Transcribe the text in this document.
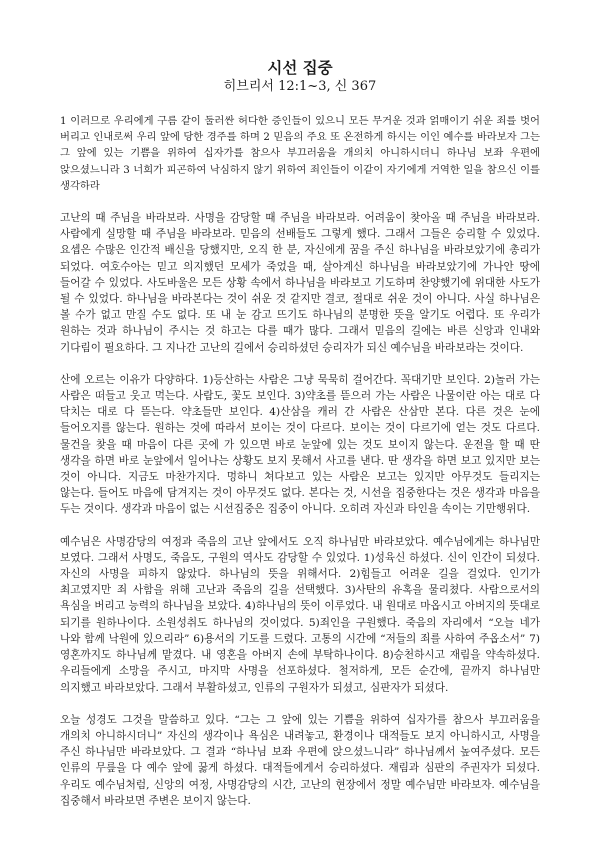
시선 집중
히브리서 12:1~3, 신 367

1 이러므로 우리에게 구름 같이 둘러싼 허다한 증인들이 있으니 모든 무거운 것과 얽매이기 쉬운 죄를 벗어 버리고 인내로써 우리 앞에 당한 경주를 하며 2 믿음의 주요 또 온전하게 하시는 이인 예수를 바라보자 그는 그 앞에 있는 기쁨을 위하여 십자가를 참으사 부끄러움을 개의치 아니하시더니 하나님 보좌 우편에 앉으셨느니라 3 너희가 피곤하여 낙심하지 않기 위하여 죄인들이 이같이 자기에게 거역한 일을 참으신 이를 생각하라

고난의 때 주님을 바라보라. 사명을 감당할 때 주님을 바라보라. 어려움이 찾아올 때 주님을 바라보라. 사람에게 실망할 때 주님을 바라보라. 믿음의 선배들도 그렇게 했다. 그래서 그들은 승리할 수 있었다. 요셉은 수많은 인간적 배신을 당했지만, 오직 한 분, 자신에게 꿈을 주신 하나님을 바라보았기에 총리가 되었다. 여호수아는 믿고 의지했던 모세가 죽었을 때, 살아계신 하나님을 바라보았기에 가나안 땅에 들어갈 수 있었다. 사도바울은 모든 상황 속에서 하나님을 바라보고 기도하며 찬양했기에 위대한 사도가 될 수 있었다. 하나님을 바라본다는 것이 쉬운 것 같지만 결코, 절대로 쉬운 것이 아니다. 사실 하나님은 볼 수가 없고 만질 수도 없다. 또 내 눈 감고 뜨기도 하나님의 분명한 뜻을 알기도 어렵다. 또 우리가 원하는 것과 하나님이 주시는 것 하고는 다를 때가 많다. 그래서 믿음의 길에는 바른 신앙과 인내와 기다림이 필요하다. 그 지나간 고난의 길에서 승리하셨던 승리자가 되신 예수님을 바라보라는 것이다.

산에 오르는 이유가 다양하다. 1)등산하는 사람은 그냥 묵묵히 걸어간다. 꼭대기만 보인다. 2)놀러 가는 사람은 떠들고 웃고 먹는다. 사람도, 꽃도 보인다. 3)약초를 뜯으러 가는 사람은 나물이란 아는 대로 다 닥치는 대로 다 뜯는다. 약초들만 보인다. 4)산삼을 캐러 간 사람은 산삼만 본다. 다른 것은 눈에 들어오지를 않는다. 원하는 것에 따라서 보이는 것이 다르다. 보이는 것이 다르기에 얻는 것도 다르다. 물건을 찾을 때 마음이 다른 곳에 가 있으면 바로 눈앞에 있는 것도 보이지 않는다. 운전을 할 때 딴 생각을 하면 바로 눈앞에서 일어나는 상황도 보지 못해서 사고를 낸다. 딴 생각을 하면 보고 있지만 보는 것이 아니다. 지금도 마찬가지다. 멍하니 쳐다보고 있는 사람은 보고는 있지만 아무것도 들리지는 않는다. 들어도 마음에 담겨지는 것이 아무것도 없다. 본다는 것, 시선을 집중한다는 것은 생각과 마음을 두는 것이다. 생각과 마음이 없는 시선집중은 집중이 아니다. 오히려 자신과 타인을 속이는 기만행위다.

예수님은 사명감당의 여정과 죽음의 고난 앞에서도 오직 하나님만 바라보았다. 예수님에게는 하나님만 보였다. 그래서 사명도, 죽음도, 구원의 역사도 감당할 수 있었다. 1)성육신 하셨다. 신이 인간이 되셨다. 자신의 사명을 피하지 않았다. 하나님의 뜻을 위해서다. 2)힘들고 어려운 길을 걸었다. 인기가 최고였지만 죄 사함을 위해 고난과 죽음의 길을 선택했다. 3)사탄의 유혹을 물리쳤다. 사람으로서의 욕심을 버리고 능력의 하나님을 보았다. 4)하나님의 뜻이 이루었다. 내 원대로 마옵시고 아버지의 뜻대로 되기를 원하나이다. 소원성취도 하나님의 것이었다. 5)죄인을 구원했다. 죽음의 자리에서 “오늘 네가 나와 함께 낙원에 있으리라” 6)용서의 기도를 드렸다. 고통의 시간에 “저들의 죄를 사하여 주옵소서” 7)영혼까지도 하나님께 맡겼다. 내 영혼을 아버지 손에 부탁하나이다. 8)승천하시고 재림을 약속하셨다. 우리들에게 소망을 주시고, 마지막 사명을 선포하셨다. 철저하게, 모든 순간에, 끝까지 하나님만 의지했고 바라보았다. 그래서 부활하셨고, 인류의 구원자가 되셨고, 심판자가 되셨다.

오늘 성경도 그것을 말씀하고 있다. “그는 그 앞에 있는 기쁨을 위하여 십자가를 참으사 부끄러움을 개의치 아니하시더니” 자신의 생각이나 욕심은 내려놓고, 환경이나 대적들도 보지 아니하시고, 사명을 주신 하나님만 바라보았다. 그 결과 “하나님 보좌 우편에 앉으셨느니라” 하나님께서 높여주셨다. 모든 인류의 무릎을 다 예수 앞에 꿇게 하셨다. 대적들에게서 승리하셨다. 재림과 심판의 주권자가 되셨다. 우리도 예수님처럼, 신앙의 여정, 사명감당의 시간, 고난의 현장에서 정말 예수님만 바라보자. 예수님을 집중해서 바라보면 주변은 보이지 않는다.
